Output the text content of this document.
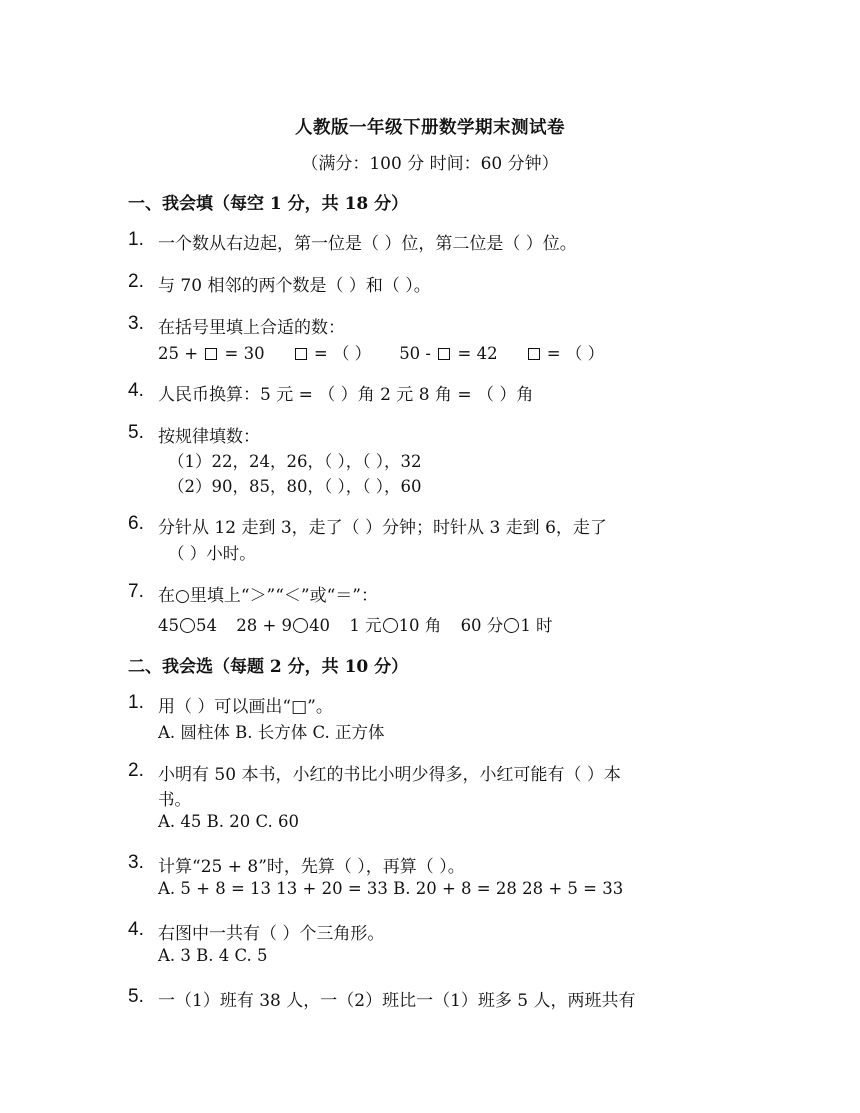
人教版一年级下册数学期末测试卷
（满分：100 分 时间：60 分钟）
一、我会填（每空 1 分，共 18 分）
1. 一个数从右边起，第一位是（ ）位，第二位是（ ）位。
2. 与 70 相邻的两个数是（ ）和（ ）。
3. 在括号里填上合适的数：
25 +  = 30	= （ ） 50 -  = 42	= （ ）
4. 人民币换算：5 元 = （ ）角 2 元 8 角 = （ ）角
5. 按规律填数：
（1）22，24，26，（ ），（ ），32
（2）90，85，80，（ ），（ ），60
6. 分针从 12 走到 3，走了（ ）分钟；时针从 3 走到 6，走了
（ ）小时。
7. 在○里填上“＞”“＜”或“＝”：
45 54 28 + 9 40 1 元 10 角 60 分 1 时
二、我会选（每题 2 分，共 10 分）
1. 用（ ）可以画出“□”。
A. 圆柱体 B. 长方体 C. 正方体
2. 小明有 50 本书，小红的书比小明少得多，小红可能有（ ）本
书。
A. 45 B. 20 C. 60
3. 计算“25 + 8”时，先算（ ），再算（ ）。
A. 5 + 8 = 13 13 + 20 = 33 B. 20 + 8 = 28 28 + 5 = 33
4. 右图中一共有（ ）个三角形。
A. 3 B. 4 C. 5
5. 一（1）班有 38 人，一（2）班比一（1）班多 5 人，两班共有
